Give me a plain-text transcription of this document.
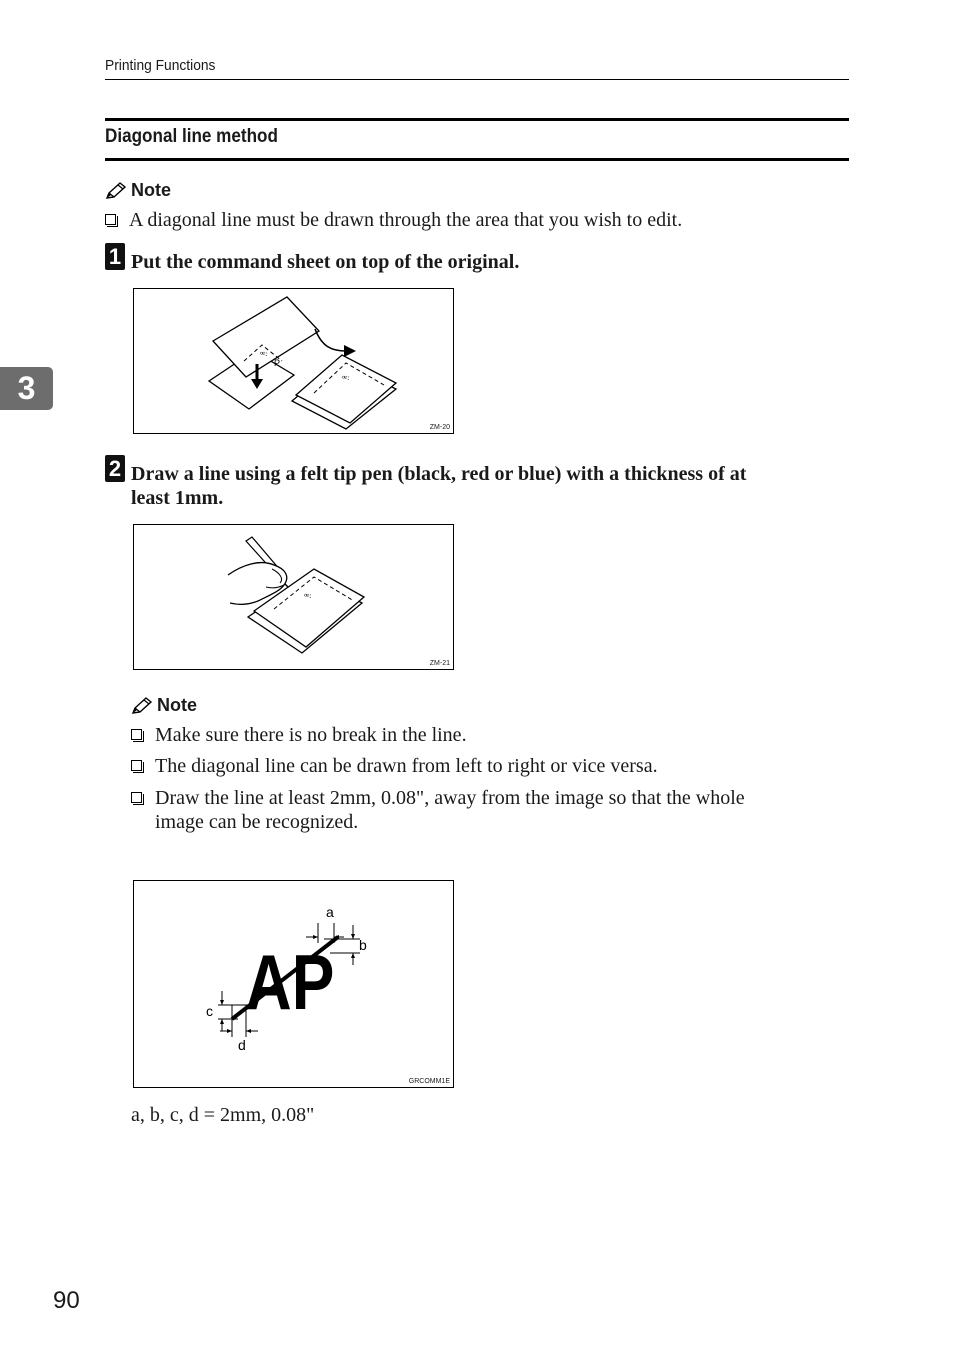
Printing Functions
Diagonal line method
3
Note
A diagonal line must be drawn through the area that you wish to edit.
1 Put the command sheet on top of the original.
ꟹ꞉
P
ꟹ꞉
ZM-20
2 Draw a line using a felt tip pen (black, red or blue) with a thickness of at
least 1mm.
ꟹ꞉
ZM-21
Note
Make sure there is no break in the line.
The diagonal line can be drawn from left to right or vice versa.
Draw the line at least 2mm, 0.08", away from the image so that the whole
image can be recognized.
AP
a
b
c
d
GRCOMM1E
a, b, c, d = 2mm, 0.08"
90
